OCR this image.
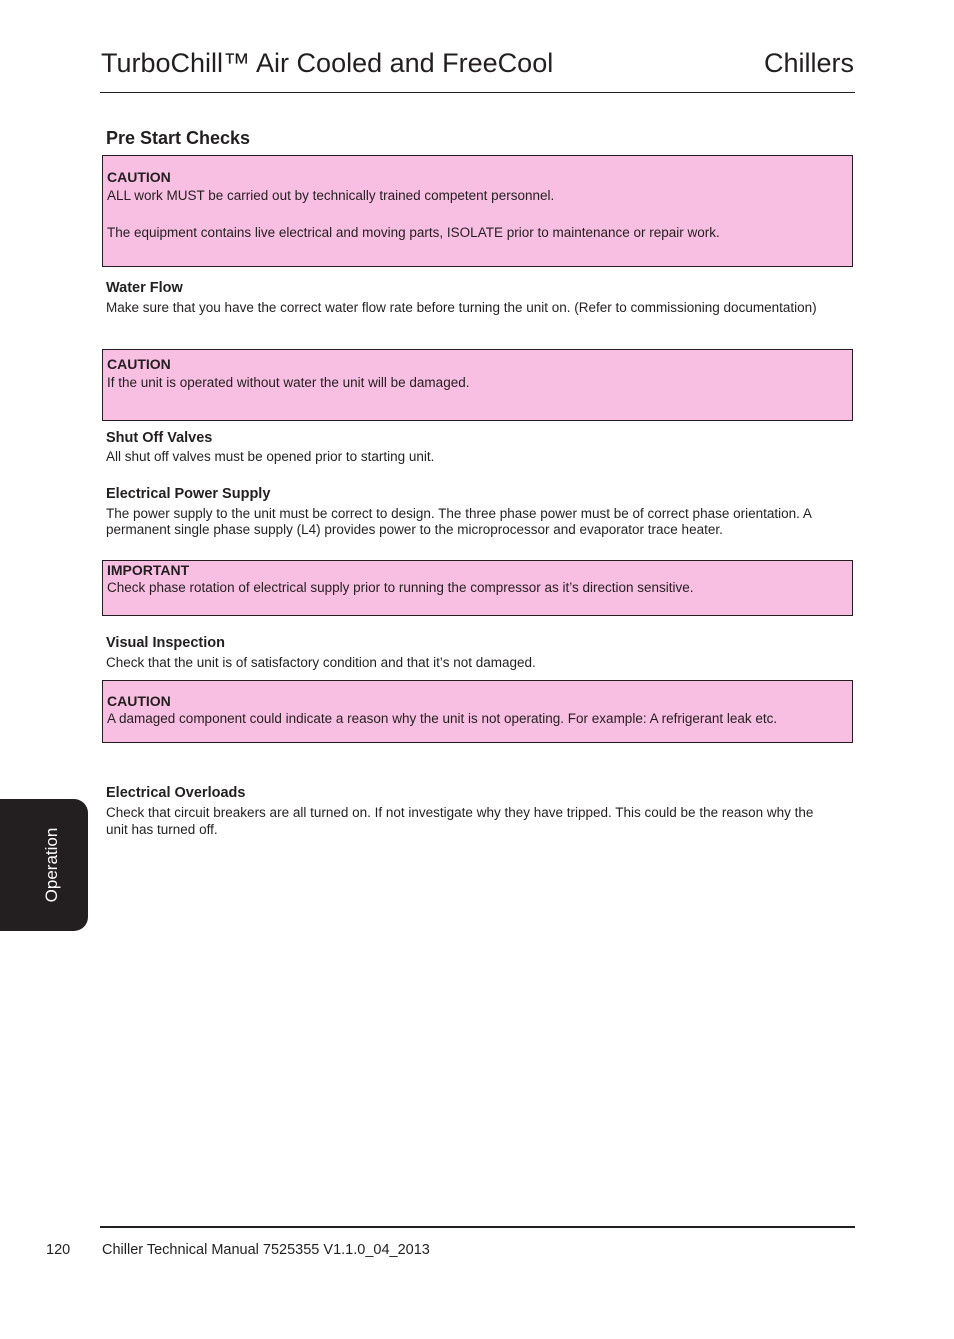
TurboChill™ Air Cooled and FreeCool	Chillers
Pre Start Checks
CAUTION
ALL work MUST be carried out by technically trained competent personnel.
The equipment contains live electrical and moving parts, ISOLATE prior to maintenance or repair work.
Water Flow
Make sure that you have the correct water flow rate before turning the unit on. (Refer to commissioning documentation)
CAUTION
If the unit is operated without water the unit will be damaged.
Shut Off Valves
All shut off valves must be opened prior to starting unit.
Electrical Power Supply
The power supply to the unit must be correct to design. The three phase power must be of correct phase orientation. A
permanent single phase supply (L4) provides power to the microprocessor and evaporator trace heater.
IMPORTANT
Check phase rotation of electrical supply prior to running the compressor as it’s direction sensitive.
Visual Inspection
Check that the unit is of satisfactory condition and that it’s not damaged.
CAUTION
A damaged component could indicate a reason why the unit is not operating. For example: A refrigerant leak etc.
Electrical Overloads
Check that circuit breakers are all turned on. If not investigate why they have tripped. This could be the reason why the
unit has turned off.
Operation
120 Chiller Technical Manual 7525355 V1.1.0_04_2013
